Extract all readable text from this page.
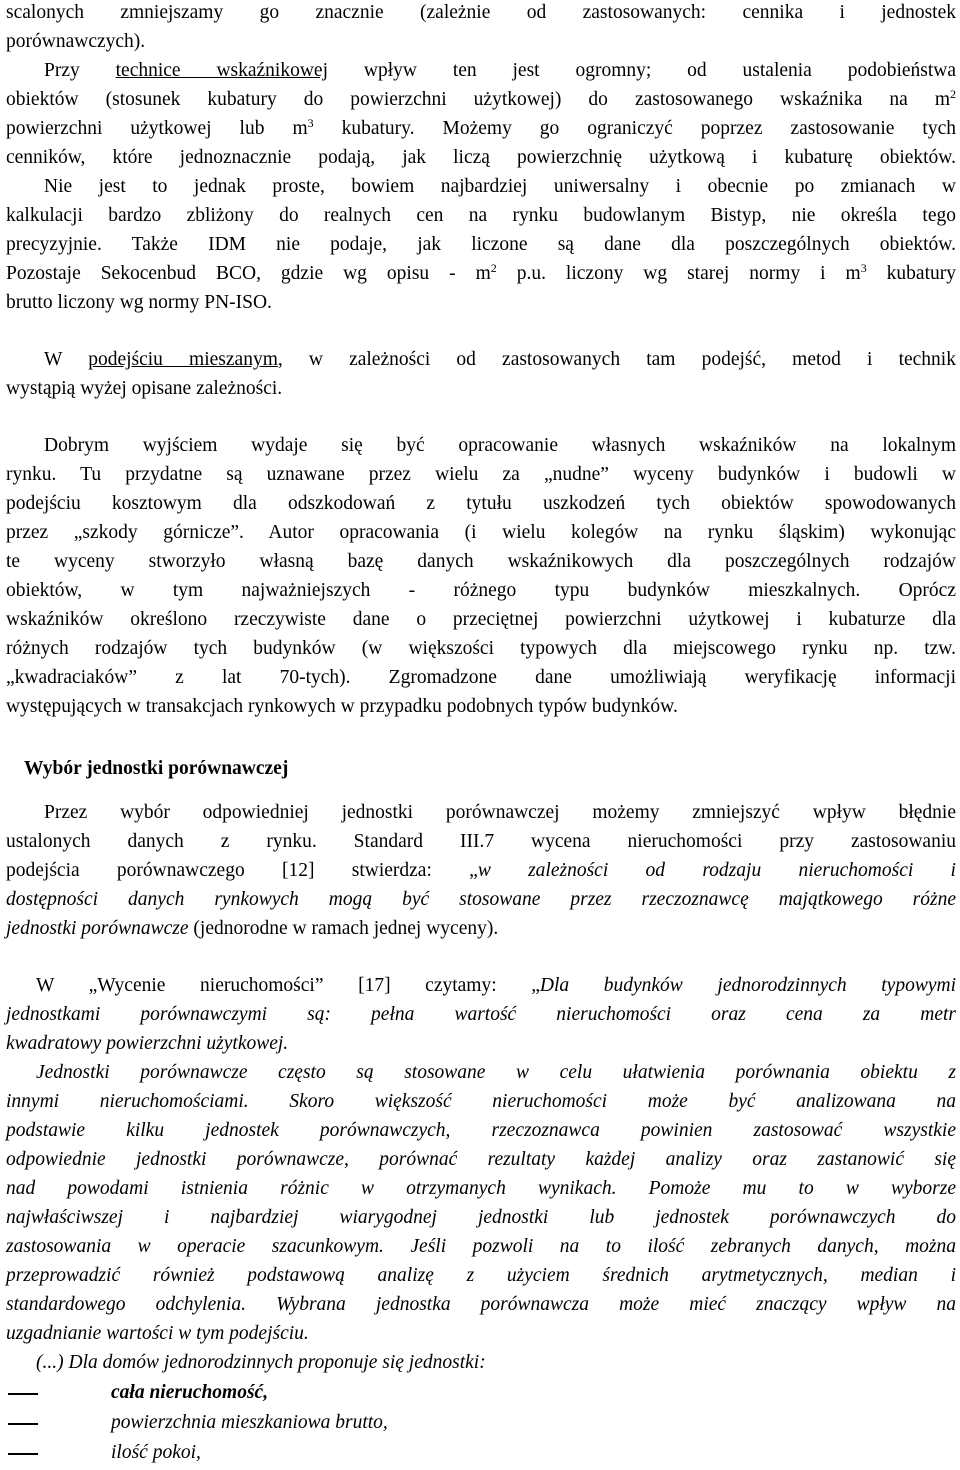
scalonych zmniejszamy go znacznie (zależnie od zastosowanych: cennika i jednostek
porównawczych).
Przy technice wskaźnikowej wpływ ten jest ogromny; od ustalenia podobieństwa
obiektów (stosunek kubatury do powierzchni użytkowej) do zastosowanego wskaźnika na $m^2$
powierzchni użytkowej lub $m^3$ kubatury. Możemy go ograniczyć poprzez zastosowanie tych
cenników, które jednoznacznie podają, jak liczą powierzchnię użytkową i kubaturę obiektów.
Nie jest to jednak proste, bowiem najbardziej uniwersalny i obecnie po zmianach w
kalkulacji bardzo zbliżony do realnych cen na rynku budowlanym Bistyp, nie określa tego
precyzyjnie. Także IDM nie podaje, jak liczone są dane dla poszczególnych obiektów.
Pozostaje Sekocenbud BCO, gdzie wg opisu - $m^2$ p.u. liczony wg starej normy i $m^3$ kubatury
brutto liczony wg normy PN-ISO.
W podejściu mieszanym, w zależności od zastosowanych tam podejść, metod i technik
wystąpią wyżej opisane zależności.
Dobrym wyjściem wydaje się być opracowanie własnych wskaźników na lokalnym
rynku. Tu przydatne są uznawane przez wielu za „nudne” wyceny budynków i budowli w
podejściu kosztowym dla odszkodowań z tytułu uszkodzeń tych obiektów spowodowanych
przez „szkody górnicze”. Autor opracowania (i wielu kolegów na rynku śląskim) wykonując
te wyceny stworzyło własną bazę danych wskaźnikowych dla poszczególnych rodzajów
obiektów, w tym najważniejszych - różnego typu budynków mieszkalnych. Oprócz
wskaźników określono rzeczywiste dane o przeciętnej powierzchni użytkowej i kubaturze dla
różnych rodzajów tych budynków (w większości typowych dla miejscowego rynku np. tzw.
„kwadraciaków” z lat 70-tych). Zgromadzone dane umożliwiają weryfikację informacji
występujących w transakcjach rynkowych w przypadku podobnych typów budynków.
Wybór jednostki porównawczej
Przez wybór odpowiedniej jednostki porównawczej możemy zmniejszyć wpływ błędnie
ustalonych danych z rynku. Standard III.7 wycena nieruchomości przy zastosowaniu
podejścia porównawczego [12] stwierdza: „w zależności od rodzaju nieruchomości i
dostępności danych rynkowych mogą być stosowane przez rzeczoznawcę majątkowego różne
jednostki porównawcze (jednorodne w ramach jednej wyceny).
W „Wycenie nieruchomości” [17] czytamy: „Dla budynków jednorodzinnych typowymi
jednostkami porównawczymi są: pełna wartość nieruchomości oraz cena za metr
kwadratowy powierzchni użytkowej.
Jednostki porównawcze często są stosowane w celu ułatwienia porównania obiektu z
innymi nieruchomościami. Skoro większość nieruchomości może być analizowana na
podstawie kilku jednostek porównawczych, rzeczoznawca powinien zastosować wszystkie
odpowiednie jednostki porównawcze, porównać rezultaty każdej analizy oraz zastanowić się
nad powodami istnienia różnic w otrzymanych wynikach. Pomoże mu to w wyborze
najwłaściwszej i najbardziej wiarygodnej jednostki lub jednostek porównawczych do
zastosowania w operacie szacunkowym. Jeśli pozwoli na to ilość zebranych danych, można
przeprowadzić również podstawową analizę z użyciem średnich arytmetycznych, median i
standardowego odchylenia. Wybrana jednostka porównawcza może mieć znaczący wpływ na
uzgadnianie wartości w tym podejściu.
(...) Dla domów jednorodzinnych proponuje się jednostki:
cała nieruchomość,
powierzchnia mieszkaniowa brutto,
ilość pokoi,
